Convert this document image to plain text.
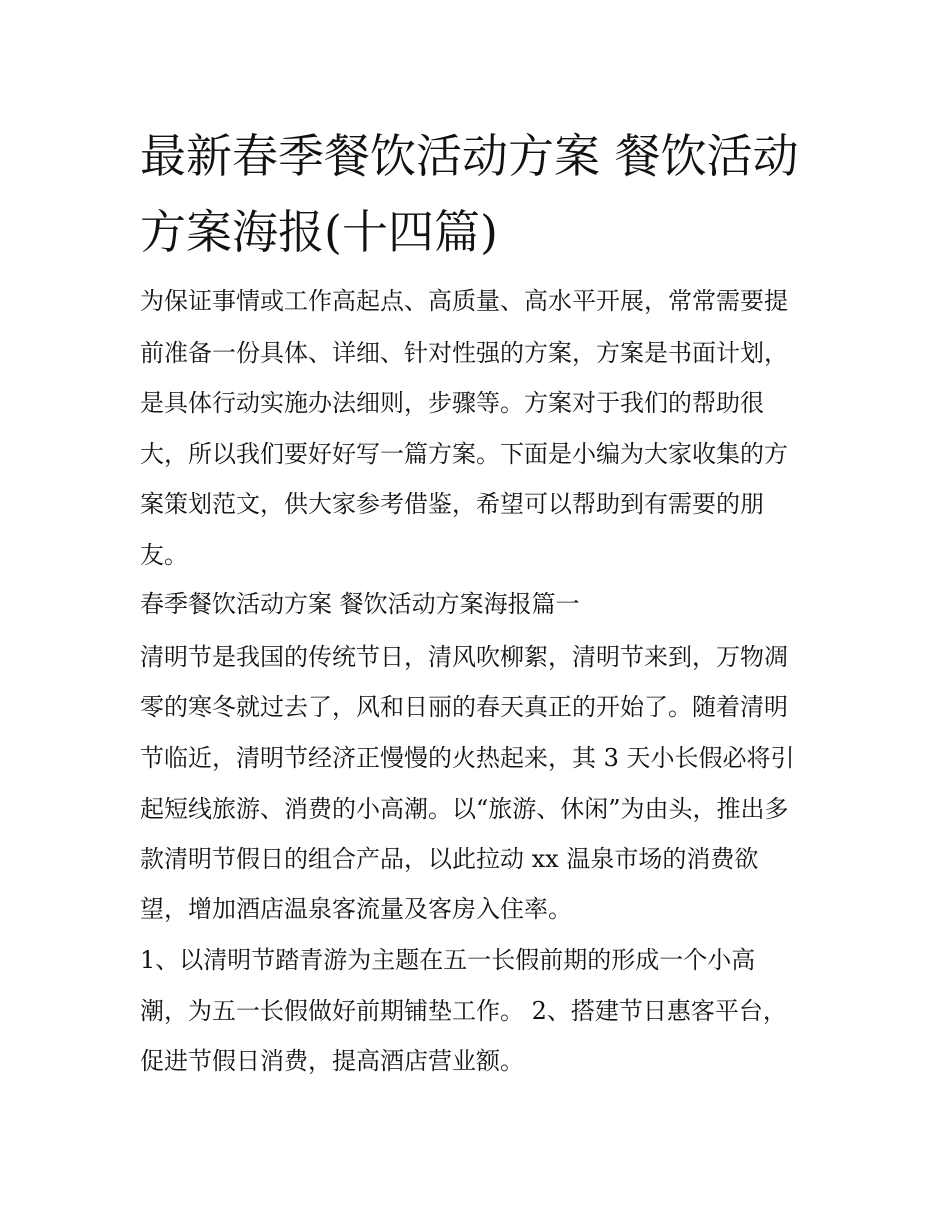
最新春季餐饮活动方案 餐饮活动方案海报(十四篇)

为保证事情或工作高起点、高质量、高水平开展，常常需要提

前准备一份具体、详细、针对性强的方案，方案是书面计划，

是具体行动实施办法细则，步骤等。方案对于我们的帮助很

大，所以我们要好好写一篇方案。下面是小编为大家收集的方

案策划范文，供大家参考借鉴，希望可以帮助到有需要的朋

友。

春季餐饮活动方案 餐饮活动方案海报篇一

清明节是我国的传统节日，清风吹柳絮，清明节来到，万物凋

零的寒冬就过去了，风和日丽的春天真正的开始了。随着清明

节临近，清明节经济正慢慢的火热起来，其 3 天小长假必将引

起短线旅游、消费的小高潮。以“旅游、休闲”为由头，推出多

款清明节假日的组合产品，以此拉动 xx 温泉市场的消费欲

望，增加酒店温泉客流量及客房入住率。

1、以清明节踏青游为主题在五一长假前期的形成一个小高

潮，为五一长假做好前期铺垫工作。 2、搭建节日惠客平台，

促进节假日消费，提高酒店营业额。
